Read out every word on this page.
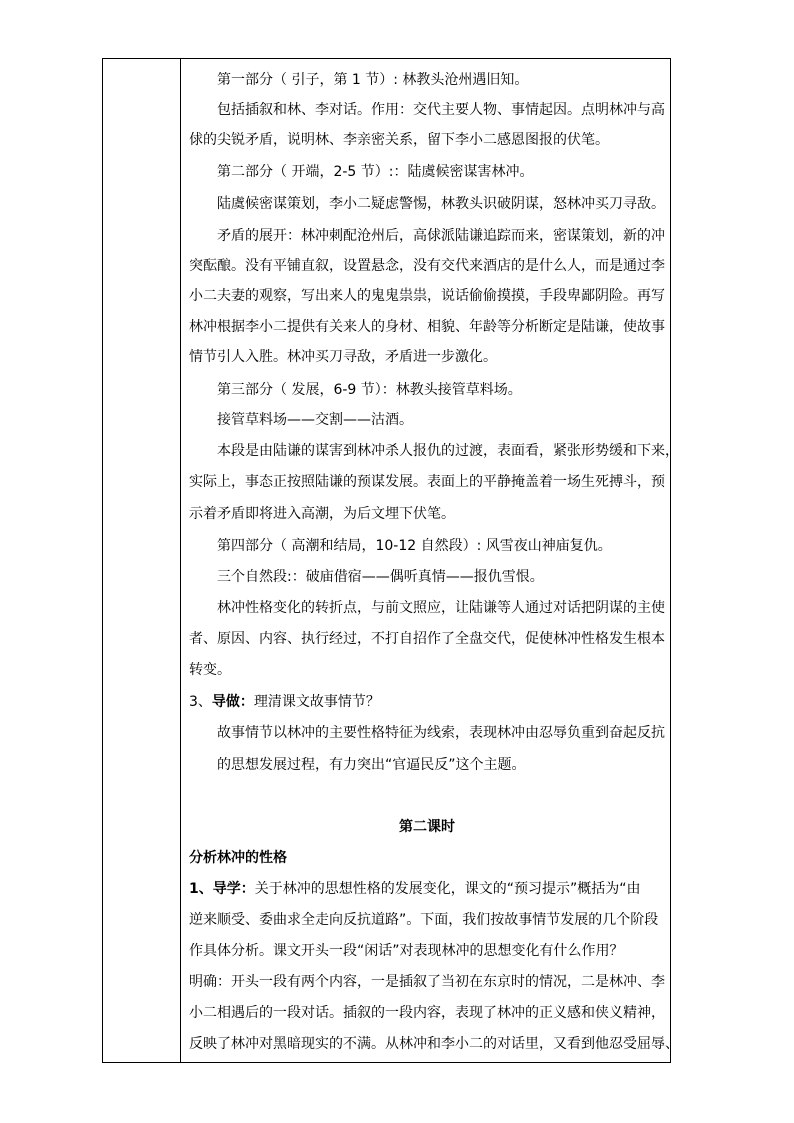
第一部分（ 引子，第 1 节）: 林教头沧州遇旧知。
包括插叙和林、李对话。作用：交代主要人物、事情起因。点明林冲与高
俅的尖锐矛盾，说明林、李亲密关系，留下李小二感恩图报的伏笔。
第二部分（ 开端，2-5 节）:：陆虞候密谋害林冲。
陆虞候密谋策划，李小二疑虑警惕，林教头识破阴谋，怒林冲买刀寻敌。
矛盾的展开：林冲刺配沧州后，高俅派陆谦追踪而来，密谋策划，新的冲
突酝酿。没有平铺直叙，设置悬念，没有交代来酒店的是什么人，而是通过李
小二夫妻的观察，写出来人的鬼鬼祟祟，说话偷偷摸摸，手段卑鄙阴险。再写
林冲根据李小二提供有关来人的身材、相貌、年龄等分析断定是陆谦，使故事
情节引人入胜。林冲买刀寻敌，矛盾进一步激化。
第三部分（ 发展，6-9 节）：林教头接管草料场。
接管草料场——交割——沽酒。
本段是由陆谦的谋害到林冲杀人报仇的过渡，表面看，紧张形势缓和下来，
实际上，事态正按照陆谦的预谋发展。表面上的平静掩盖着一场生死搏斗，预
示着矛盾即将进入高潮，为后文埋下伏笔。
第四部分（ 高潮和结局，10-12 自然段）: 风雪夜山神庙复仇。
三个自然段:：破庙借宿——偶听真情——报仇雪恨。
林冲性格变化的转折点，与前文照应，让陆谦等人通过对话把阴谋的主使
者、原因、内容、执行经过，不打自招作了全盘交代，促使林冲性格发生根本
转变。
3、导做：理清课文故事情节？
故事情节以林冲的主要性格特征为线索，表现林冲由忍辱负重到奋起反抗
的思想发展过程，有力突出“官逼民反”这个主题。
第二课时
分析林冲的性格
1、导学：关于林冲的思想性格的发展变化，课文的“预习提示”概括为“由
逆来顺受、委曲求全走向反抗道路”。下面，我们按故事情节发展的几个阶段
作具体分析。课文开头一段“闲话”对表现林冲的思想变化有什么作用？
明确：开头一段有两个内容，一是插叙了当初在东京时的情况，二是林冲、李
小二相遇后的一段对话。插叙的一段内容，表现了林冲的正义感和侠义精神，
反映了林冲对黑暗现实的不满。从林冲和李小二的对话里，又看到他忍受屈辱、
